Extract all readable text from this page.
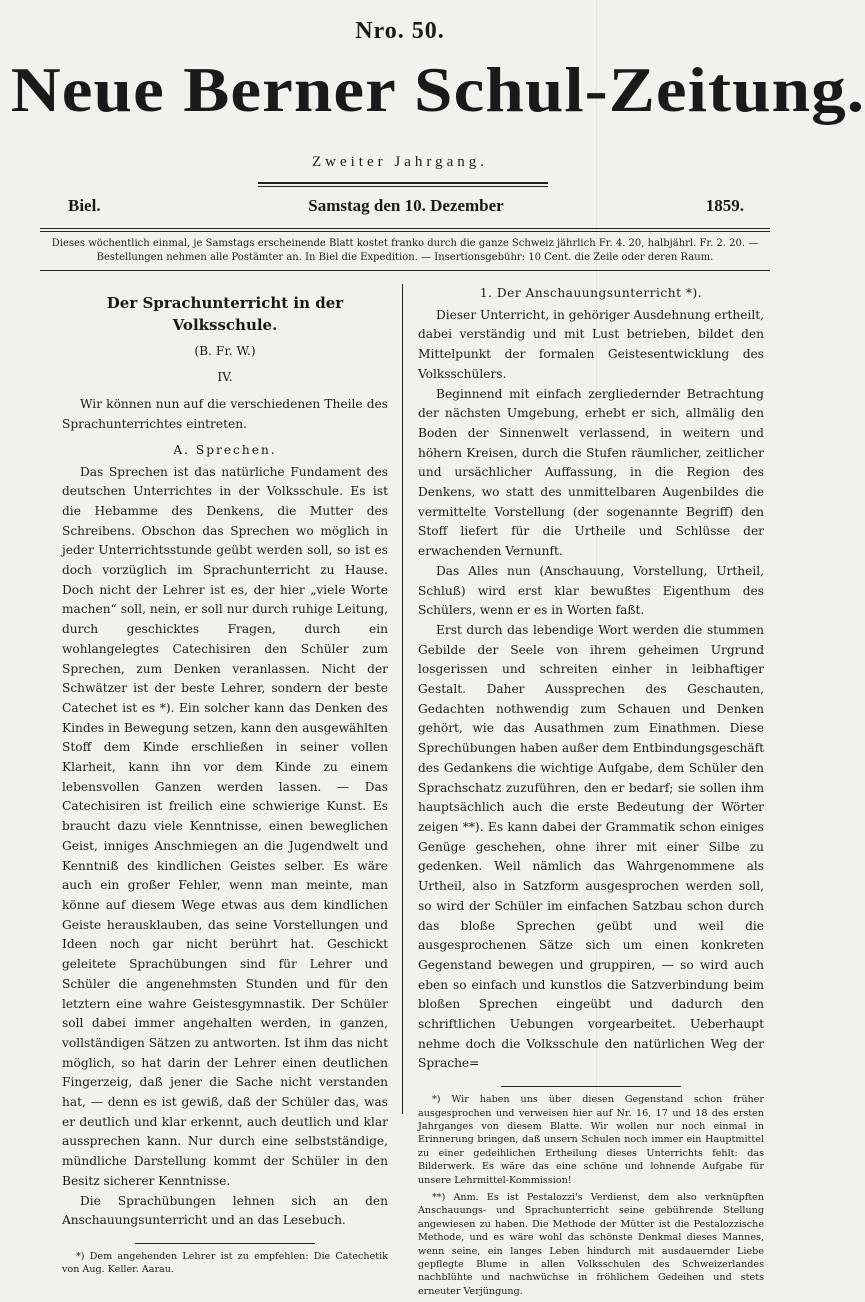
Nro. 50.
Neue Berner Schul-Zeitung.
Zweiter Jahrgang.
Biel.	Samstag den 10. Dezember	1859.
Dieses wöchentlich einmal, je Samstags erscheinende Blatt kostet franko durch die ganze Schweiz jährlich Fr. 4. 20, halbjährl. Fr. 2. 20. — Bestellungen nehmen alle Postämter an. In Biel die Expedition. — Insertionsgebühr: 10 Cent. die Zeile oder deren Raum.
Der Sprachunterricht in der Volksschule.
(B. Fr. W.)
IV.

Wir können nun auf die verschiedenen Theile des Sprachunterrichtes eintreten.

A. Sprechen.

Das Sprechen ist das natürliche Fundament des deutschen Unterrichtes in der Volksschule. Es ist die Hebamme des Denkens, die Mutter des Schreibens. Obschon das Sprechen wo möglich in jeder Unterrichtsstunde geübt werden soll, so ist es doch vorzüglich im Sprachunterricht zu Hause. Doch nicht der Lehrer ist es, der hier „viele Worte machen“ soll, nein, er soll nur durch ruhige Leitung, durch geschicktes Fragen, durch ein wohlangelegtes Catechisiren den Schüler zum Sprechen, zum Denken veranlassen. Nicht der Schwätzer ist der beste Lehrer, sondern der beste Catechet ist es *). Ein solcher kann das Denken des Kindes in Bewegung setzen, kann den ausgewählten Stoff dem Kinde erschließen in seiner vollen Klarheit, kann ihn vor dem Kinde zu einem lebensvollen Ganzen werden lassen. — Das Catechisiren ist freilich eine schwierige Kunst. Es braucht dazu viele Kenntnisse, einen beweglichen Geist, inniges Anschmiegen an die Jugendwelt und Kenntniß des kindlichen Geistes selber. Es wäre auch ein großer Fehler, wenn man meinte, man könne auf diesem Wege etwas aus dem kindlichen Geiste herausklauben, das seine Vorstellungen und Ideen noch gar nicht berührt hat. Geschickt geleitete Sprachübungen sind für Lehrer und Schüler die angenehmsten Stunden und für den letztern eine wahre Geistesgymnastik. Der Schüler soll dabei immer angehalten werden, in ganzen, vollständigen Sätzen zu antworten. Ist ihm das nicht möglich, so hat darin der Lehrer einen deutlichen Fingerzeig, daß jener die Sache nicht verstanden hat, — denn es ist gewiß, daß der Schüler das, was er deutlich und klar erkennt, auch deutlich und klar aussprechen kann. Nur durch eine selbstständige, mündliche Darstellung kommt der Schüler in den Besitz sicherer Kenntnisse.

Die Sprachübungen lehnen sich an den Anschauungsunterricht und an das Lesebuch.

*) Dem angehenden Lehrer ist zu empfehlen: Die Catechetik von Aug. Keller. Aarau.
1. Der Anschauungsunterricht *).

Dieser Unterricht, in gehöriger Ausdehnung ertheilt, dabei verständig und mit Lust betrieben, bildet den Mittelpunkt der formalen Geistesentwicklung des Volksschülers.

Beginnend mit einfach zergliedernder Betrachtung der nächsten Umgebung, erhebt er sich, allmälig den Boden der Sinnenwelt verlassend, in weitern und höhern Kreisen, durch die Stufen räumlicher, zeitlicher und ursächlicher Auffassung, in die Region des Denkens, wo statt des unmittelbaren Augenbildes die vermittelte Vorstellung (der sogenannte Begriff) den Stoff liefert für die Urtheile und Schlüsse der erwachenden Vernunft.

Das Alles nun (Anschauung, Vorstellung, Urtheil, Schluß) wird erst klar bewußtes Eigenthum des Schülers, wenn er es in Worten faßt.

Erst durch das lebendige Wort werden die stummen Gebilde der Seele von ihrem geheimen Urgrund losgerissen und schreiten einher in leibhaftiger Gestalt. Daher Aussprechen des Geschauten, Gedachten nothwendig zum Schauen und Denken gehört, wie das Ausathmen zum Einathmen. Diese Sprechübungen haben außer dem Entbindungsgeschäft des Gedankens die wichtige Aufgabe, dem Schüler den Sprachschatz zuzuführen, den er bedarf; sie sollen ihm hauptsächlich auch die erste Bedeutung der Wörter zeigen **). Es kann dabei der Grammatik schon einiges Genüge geschehen, ohne ihrer mit einer Silbe zu gedenken. Weil nämlich das Wahrgenommene als Urtheil, also in Satzform ausgesprochen werden soll, so wird der Schüler im einfachen Satzbau schon durch das bloße Sprechen geübt und weil die ausgesprochenen Sätze sich um einen konkreten Gegenstand bewegen und gruppiren, — so wird auch eben so einfach und kunstlos die Satzverbindung beim bloßen Sprechen eingeübt und dadurch den schriftlichen Uebungen vorgearbeitet. Ueberhaupt nehme doch die Volksschule den natürlichen Weg der Sprache=

*) Wir haben uns über diesen Gegenstand schon früher ausgesprochen und verweisen hier auf Nr. 16, 17 und 18 des ersten Jahrganges von diesem Blatte. Wir wollen nur noch einmal in Erinnerung bringen, daß unsern Schulen noch immer ein Hauptmittel zu einer gedeihlichen Ertheilung dieses Unterrichts fehlt: das Bilderwerk. Es wäre das eine schöne und lohnende Aufgabe für unsere Lehrmittel-Kommission!
**) Anm. Es ist Pestalozzi's Verdienst, dem also verknüpften Anschauungs- und Sprachunterricht seine gebührende Stellung angewiesen zu haben. Die Methode der Mütter ist die Pestalozzische Methode, und es wäre wohl das schönste Denkmal dieses Mannes, wenn seine, ein langes Leben hindurch mit ausdauernder Liebe gepflegte Blume in allen Volksschulen des Schweizerlandes nachblühte und nachwüchse in fröhlichem Gedeihen und stets erneuter Verjüngung.
